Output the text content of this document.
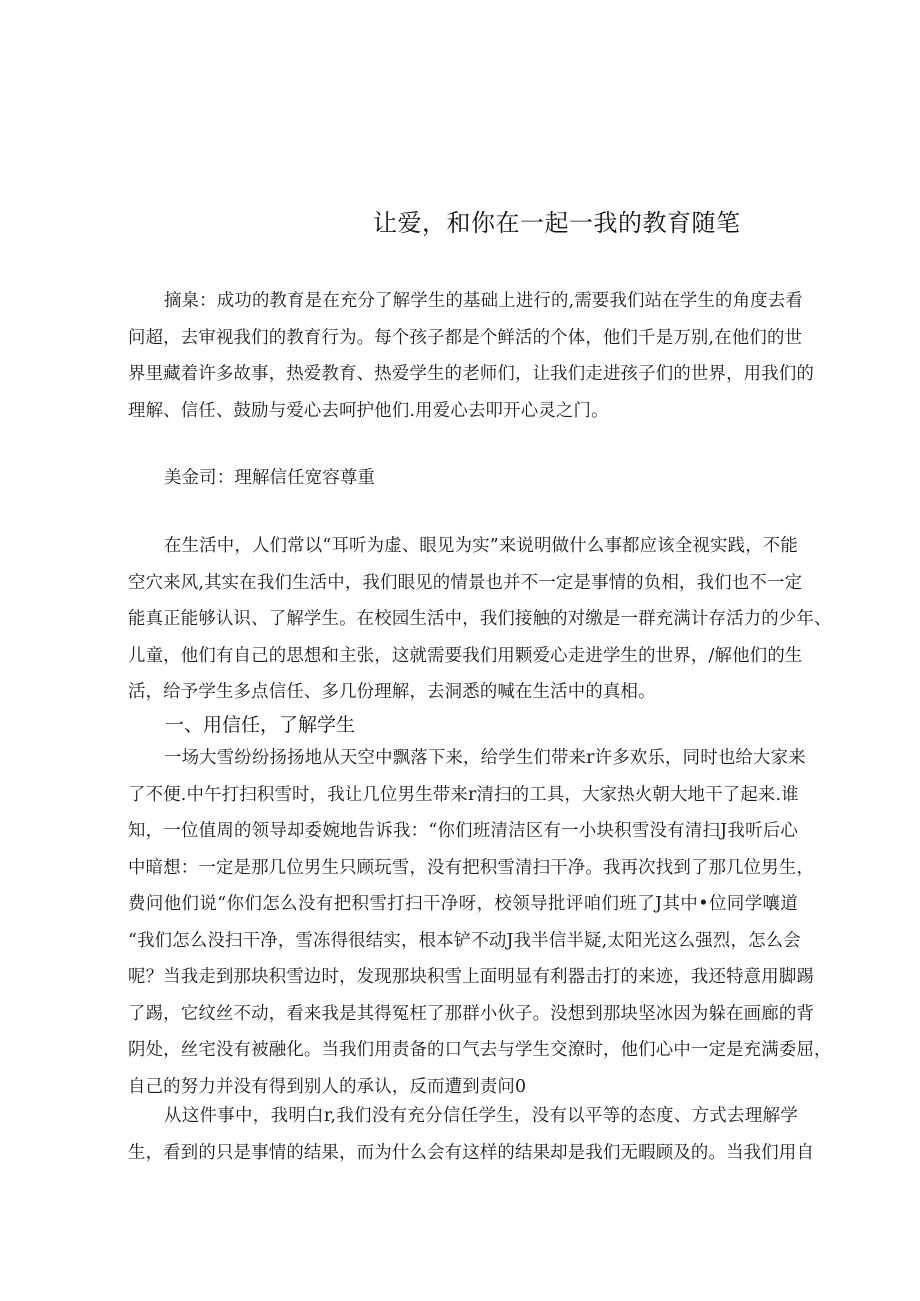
让爱，和你在一起一我的教育随笔
摘臬：成功的教育是在充分了解学生的基础上进行的,需要我们站在学生的角度去看
问超，去审视我们的教育行为。每个孩子都是个鲜活的个体，他们千是万别,在他们的世
界里藏着许多故事，热爱教育、热爱学生的老师们，让我们走进孩子们的世界，用我们的
理解、信任、鼓励与爱心去呵护他们.用爱心去叩开心灵之门。
美金司：理解信任宽容尊重
在生活中，人们常以“耳听为虚、眼见为实”来说明做什么事都应该全视实践，不能
空穴来风,其实在我们生活中，我们眼见的情景也并不一定是事情的负相，我们也不一定
能真正能够认识、了解学生。在校园生活中，我们接触的对缴是一群充满计存活力的少年、
儿童，他们有自己的思想和主张，这就需要我们用颗爱心走进学生的世界，/解他们的生
活，给予学生多点信任、多几份理解，去洞悉的喊在生活中的真相。
一、用信任，了解学生
一场大雪纷纷扬扬地从天空中飘落下来，给学生们带来r许多欢乐，同时也给大家来
了不便.中午打扫积雪时，我让几位男生带来r清扫的工具，大家热火朝大地干了起来.谁
知，一位值周的领导却委婉地告诉我：“你们班清洁区有一小块积雪没有清扫J我听后心
中暗想：一定是那几位男生只顾玩雪，没有把积雪清扫干净。我再次找到了那几位男生，
费问他们说“你们怎么没有把积雪打扫干净呀，校领导批评咱们班了J其中•位同学嚷道
“我们怎么没扫干净，雪冻得很结实，根本铲不动J我半信半疑,太阳光这么强烈，怎么会
呢？当我走到那块积雪边时，发现那块积雪上面明显有利器击打的来迹，我还特意用脚踢
了踢，它纹丝不动，看来我是其得冤枉了那群小伙子。没想到那块坚冰因为躲在画廊的背
阴处，丝宅没有被融化。当我们用责备的口气去与学生交潦时，他们心中一定是充满委屈，
自己的努力并没有得到别人的承认，反而遭到责问0
从这件事中，我明白r,我们没有充分信任学生，没有以平等的态度、方式去理解学
生，看到的只是事情的结果，而为什么会有这样的结果却是我们无暇顾及的。当我们用自
